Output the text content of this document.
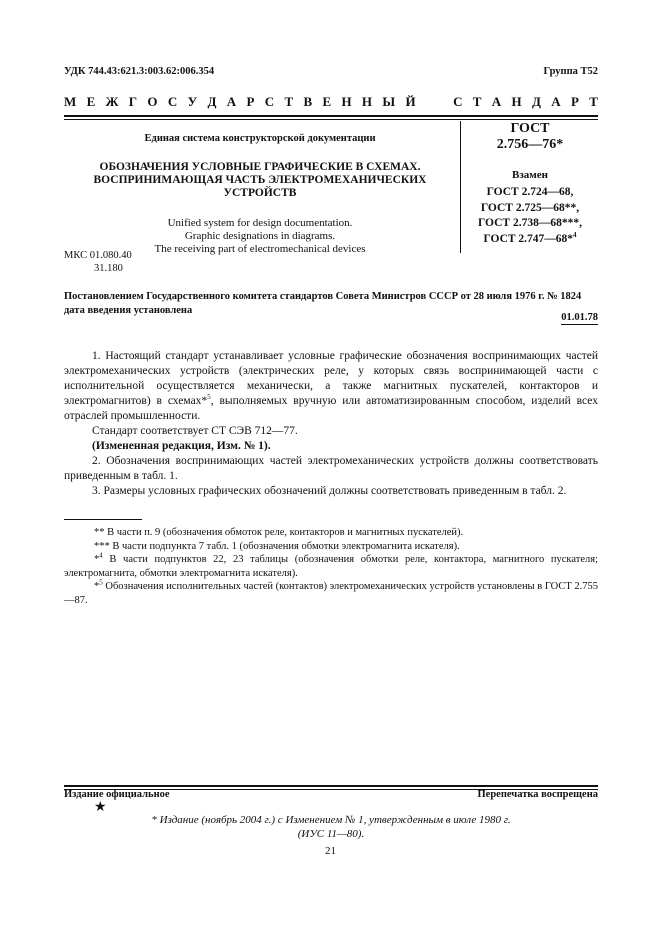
УДК 744.43:621.3:003.62:006.354	Группа Т52
М Е Ж Г О С У Д А Р С Т В Е Н Н Ы Й

	С Т А Н Д А Р Т
Единая система конструкторской документации
ОБОЗНАЧЕНИЯ УСЛОВНЫЕ ГРАФИЧЕСКИЕ В СХЕМАХ.
ВОСПРИНИМАЮЩАЯ ЧАСТЬ ЭЛЕКТРОМЕХАНИЧЕСКИХ
УСТРОЙСТВ
Unified system for design documentation.
Graphic designations in diagrams.
The receiving part of electromechanical devices
ГОСТ
2.756—76*
Взамен
ГОСТ 2.724—68,
ГОСТ 2.725—68**,
ГОСТ 2.738—68***,
ГОСТ 2.747—68*$^4$
МКС 01.080.40
31.180
Постановлением Государственного комитета стандартов Совета Министров СССР от 28 июля 1976 г. № 1824 дата введения установлена
01.01.78

1. Настоящий стандарт устанавливает условные графические обозначения воспринимающих частей электромеханических устройств (электрических реле, у которых связь воспринимающей части с исполнительной осуществляется механически, а также магнитных пускателей, контакторов и электромагнитов) в схемах*$^5$, выполняемых вручную или автоматизированным способом, изделий всех отраслей промышленности.

Стандарт соответствует СТ СЭВ 712—77.

(Измененная редакция, Изм. № 1).

2. Обозначения воспринимающих частей электромеханических устройств должны соответствовать приведенным в табл. 1.

3. Размеры условных графических обозначений должны соответствовать приведенным в табл. 2.

** В части п. 9 (обозначения обмоток реле, контакторов и магнитных пускателей).

*** В части подпункта 7 табл. 1 (обозначения обмотки электромагнита искателя).

*$^4$ В части подпунктов 22, 23 таблицы (обозначения обмотки реле, контактора, магнитного пускателя; электромагнита, обмотки электромагнита искателя).

*$^5$ Обозначения исполнительных частей (контактов) электромеханических устройств установлены в ГОСТ 2.755—87.

Издание официальное	Перепечатка воспрещена
★
* Издание (ноябрь 2004 г.) с Изменением № 1, утвержденным в июле 1980 г.
(ИУС 11—80).
21
